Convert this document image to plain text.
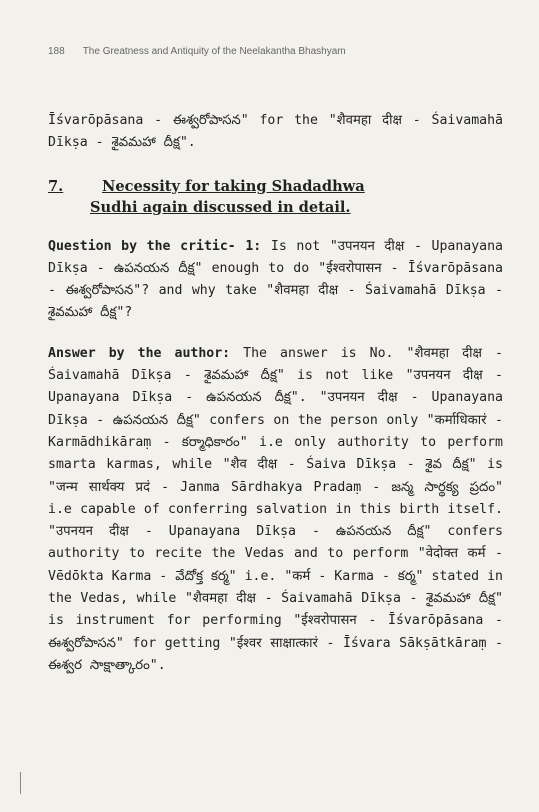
188 The Greatness and Antiquity of the Neelakantha Bhashyam

Īśvarōpāsana - ఈశ్వరోపాసన" for the "शैवमहा दीक्ष - Śaivamahā Dīkṣa - శైవమహా దీక్ష".

7.	Necessity for taking Shadadhwa
Sudhi again discussed in detail.

Question by the critic- 1: Is not "उपनयन दीक्ष - Upanayana Dīkṣa - ఉపనయన దీక్ష" enough to do "ईश्वरोपासन - Īśvarōpāsana - ఈశ్వరోపాసన"? and why take "शैवमहा दीक्ष - Śaivamahā Dīkṣa - శైవమహా దీక్ష"?

Answer by the author: The answer is No. "शैवमहा दीक्ष - Śaivamahā Dīkṣa - శైవమహా దీక్ష" is not like "उपनयन दीक्ष - Upanayana Dīkṣa - ఉపనయన దీక్ష". "उपनयन दीक्ष - Upanayana Dīkṣa - ఉపనయన దీక్ష" confers on the person only "कर्माधिकारं - Karmādhikāraṃ - కర్మాధికారం" i.e only authority to perform smarta karmas, while "शैव दीक्ष - Śaiva Dīkṣa - శైవ దీక్ష" is "जन्म सार्थक्य प्रदं - Janma Sārdhakya Pradaṃ - జన్మ సార్థక్య ప్రదం" i.e capable of conferring salvation in this birth itself. "उपनयन दीक्ष - Upanayana Dīkṣa - ఉపనయన దీక్ష" confers authority to recite the Vedas and to perform "वेदोक्त कर्म - Vēdōkta Karma - వేదోక్త కర్మ" i.e. "कर्म - Karma - కర్మ" stated in the Vedas, while "शैवमहा दीक्ष - Śaivamahā Dīkṣa - శైవమహా దీక్ష" is instrument for performing "ईश्वरोपासन - Īśvarōpāsana - ఈశ్వరోపాసన" for getting "ईश्वर साक्षात्कारं - Īśvara Sākṣātkāraṃ - ఈశ్వర సాక్షాత్కారం".
